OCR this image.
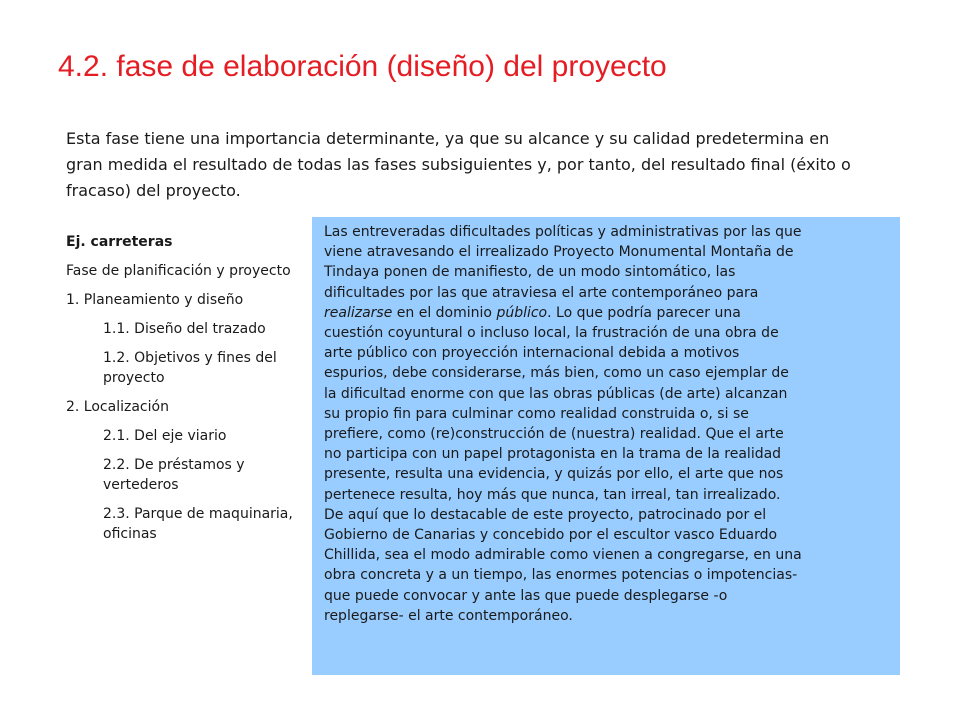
4.2. fase de elaboración (diseño) del proyecto
Esta fase tiene una importancia determinante, ya que su alcance y su calidad predetermina en gran medida el resultado de todas las fases subsiguientes y, por tanto, del resultado final (éxito o fracaso) del proyecto.
Ej. carreteras
Fase de planificación y proyecto
1. Planeamiento y diseño
1.1. Diseño del trazado
1.2. Objetivos y fines del proyecto
2. Localización
2.1. Del eje viario
2.2. De préstamos y vertederos
2.3. Parque de maquinaria, oficinas
Las entreveradas dificultades políticas y administrativas por las que
viene atravesando el irrealizado Proyecto Monumental Montaña de
Tindaya ponen de manifiesto, de un modo sintomático, las
dificultades por las que atraviesa el arte contemporáneo para
realizarse en el dominio público. Lo que podría parecer una
cuestión coyuntural o incluso local, la frustración de una obra de
arte público con proyección internacional debida a motivos
espurios, debe considerarse, más bien, como un caso ejemplar de
la dificultad enorme con que las obras públicas (de arte) alcanzan
su propio fin para culminar como realidad construida o, si se
prefiere, como (re)construcción de (nuestra) realidad. Que el arte
no participa con un papel protagonista en la trama de la realidad
presente, resulta una evidencia, y quizás por ello, el arte que nos
pertenece resulta, hoy más que nunca, tan irreal, tan irrealizado.
De aquí que lo destacable de este proyecto, patrocinado por el
Gobierno de Canarias y concebido por el escultor vasco Eduardo
Chillida, sea el modo admirable como vienen a congregarse, en una
obra concreta y a un tiempo, las enormes potencias o impotencias-
que puede convocar y ante las que puede desplegarse -o
replegarse- el arte contemporáneo.
